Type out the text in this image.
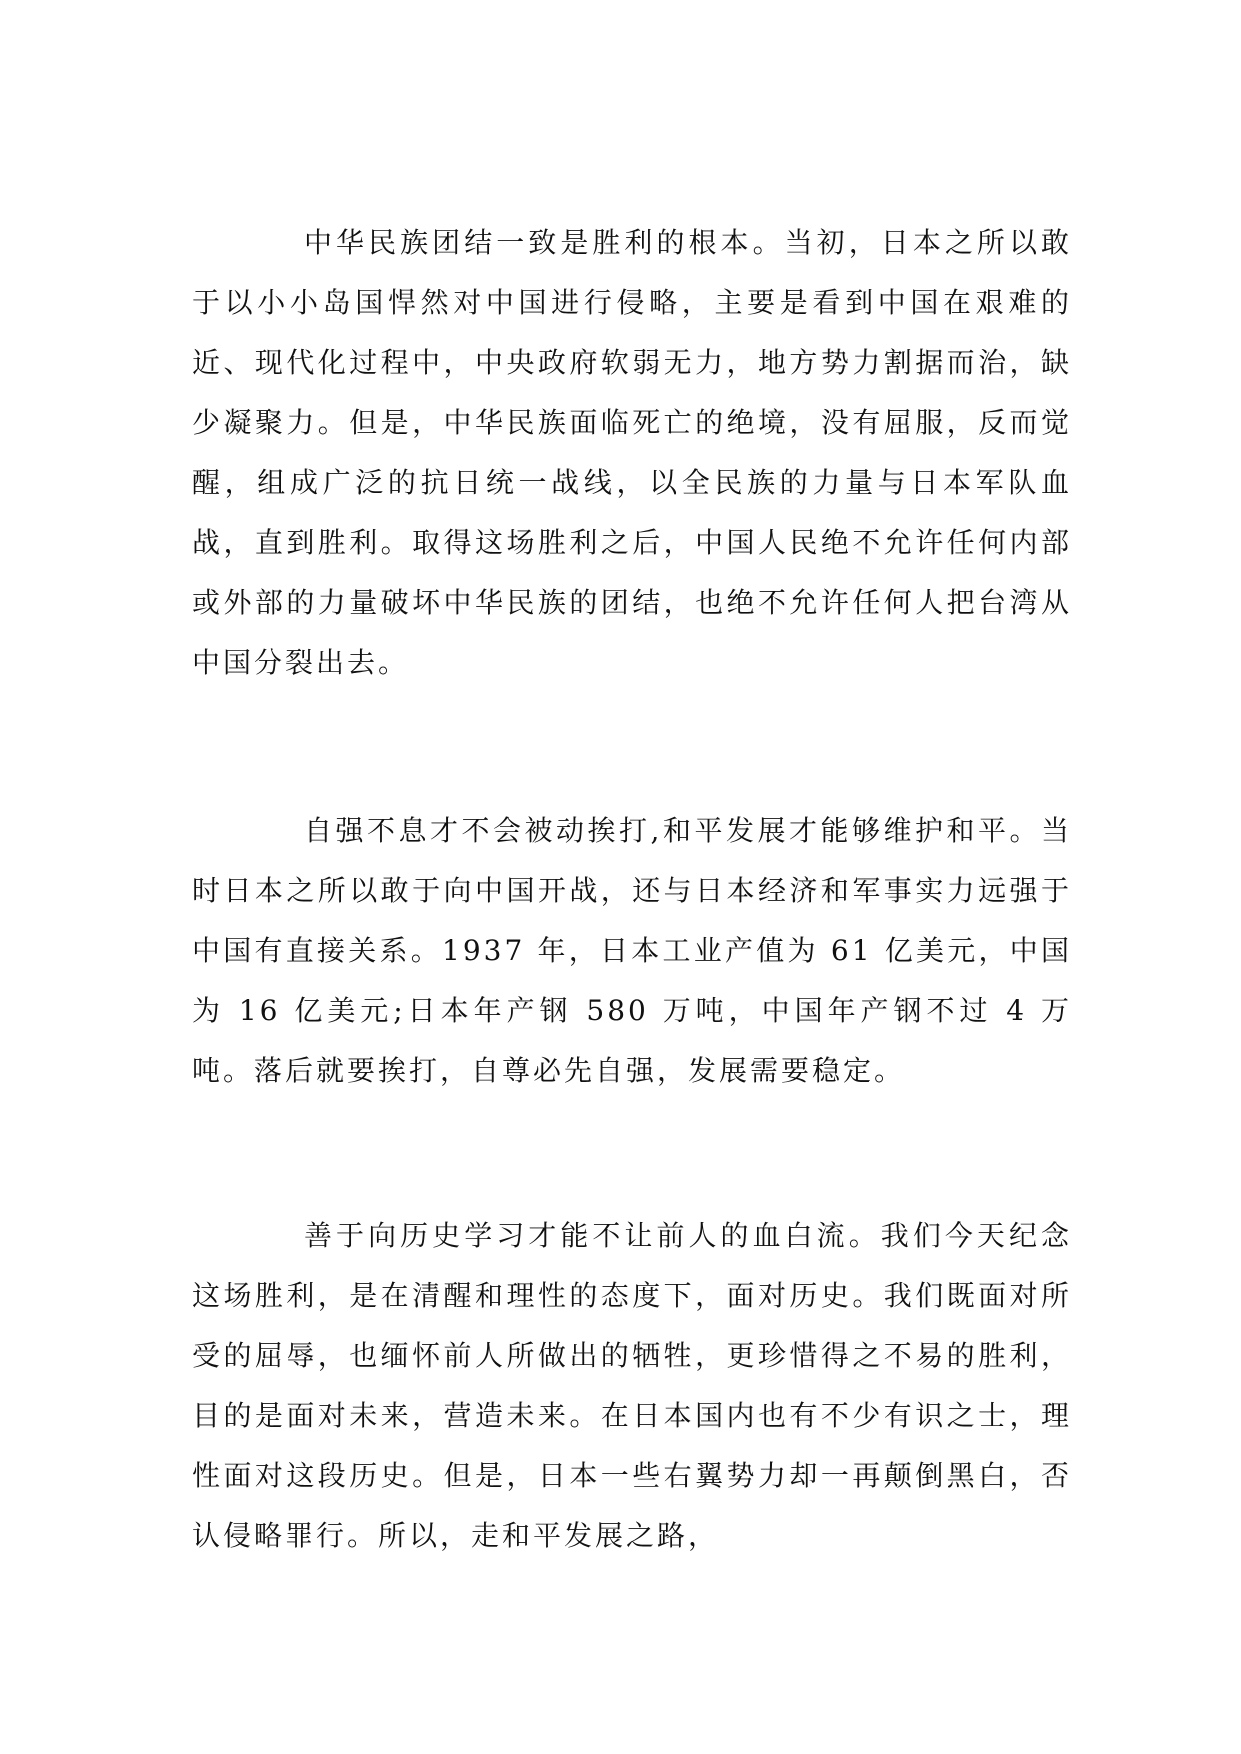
中华民族团结一致是胜利的根本。当初，日本之所以敢于以小小岛国悍然对中国进行侵略，主要是看到中国在艰难的近、现代化过程中，中央政府软弱无力，地方势力割据而治，缺少凝聚力。但是，中华民族面临死亡的绝境，没有屈服，反而觉醒，组成广泛的抗日统一战线，以全民族的力量与日本军队血战，直到胜利。取得这场胜利之后，中国人民绝不允许任何内部或外部的力量破坏中华民族的团结，也绝不允许任何人把台湾从中国分裂出去。

自强不息才不会被动挨打,和平发展才能够维护和平。当时日本之所以敢于向中国开战，还与日本经济和军事实力远强于中国有直接关系。1937 年，日本工业产值为 61 亿美元，中国为 16 亿美元;日本年产钢 580 万吨，中国年产钢不过 4 万吨。落后就要挨打，自尊必先自强，发展需要稳定。

善于向历史学习才能不让前人的血白流。我们今天纪念这场胜利，是在清醒和理性的态度下，面对历史。我们既面对所受的屈辱，也缅怀前人所做出的牺牲，更珍惜得之不易的胜利，目的是面对未来，营造未来。在日本国内也有不少有识之士，理性面对这段历史。但是，日本一些右翼势力却一再颠倒黑白，否认侵略罪行。所以，走和平发展之路，
